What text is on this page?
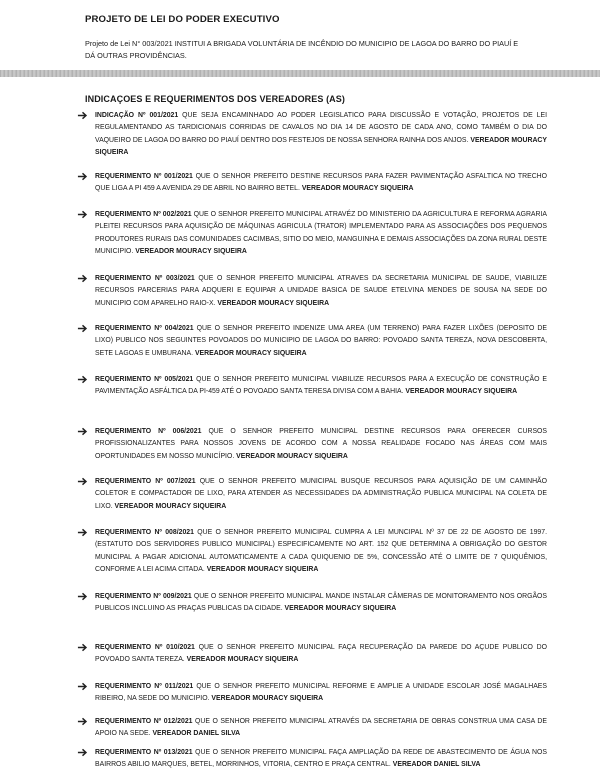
PROJETO DE LEI DO PODER EXECUTIVO
Projeto de Lei N° 003/2021 INSTITUI A BRIGADA VOLUNTÁRIA DE INCÊNDIO DO MUNICIPIO DE LAGOA DO BARRO DO PIAUÍ E DÁ OUTRAS PROVIDÊNCIAS.
INDICAÇOES E REQUERIMENTOS DOS VEREADORES (AS)
INDICAÇÃO Nº 001/2021 QUE SEJA ENCAMINHADO AO PODER LEGISLATICO PARA DISCUSSÃO E VOTAÇÃO, PROJETOS DE LEI REGULAMENTANDO AS TARDICIONAIS CORRIDAS DE CAVALOS NO DIA 14 DE AGOSTO DE CADA ANO, COMO TAMBÉM O DIA DO VAQUEIRO DE LAGOA DO BARRO DO PIAUÍ DENTRO DOS FESTEJOS DE NOSSA SENHORA RAINHA DOS ANJOS. VEREADOR MOURACY SIQUEIRA
REQUERIMENTO Nº 001/2021 QUE O SENHOR PREFEITO DESTINE RECURSOS PARA FAZER PAVIMENTAÇÃO ASFALTICA NO TRECHO QUE LIGA A PI 459 A AVENIDA 29 DE ABRIL NO BAIRRO BETEL. VEREADOR MOURACY SIQUEIRA
REQUERIMENTO Nº 002/2021 QUE O SENHOR PREFEITO MUNICIPAL ATRAVÉZ DO MINISTERIO DA AGRICULTURA E REFORMA AGRARIA PLEITEI RECURSOS PARA AQUISIÇÃO DE MÁQUINAS AGRICULA (TRATOR) IMPLEMENTADO PARA AS ASSOCIAÇÕES DOS PEQUENOS PRODUTORES RURAIS DAS COMUNIDADES CACIMBAS, SITIO DO MEIO, MANGUINHA E DEMAIS ASSOCIAÇÕES DA ZONA RURAL DESTE MUNICIPIO. VEREADOR MOURACY SIQUEIRA
REQUERIMENTO Nº 003/2021 QUE O SENHOR PREFEITO MUNICIPAL ATRAVES DA SECRETARIA MUNICIPAL DE SAUDE, VIABILIZE RECURSOS PARCERIAS PARA ADQUERI E EQUIPAR A UNIDADE BASICA DE SAUDE ETELVINA MENDES DE SOUSA NA SEDE DO MUNICIPIO COM APARELHO RAIO-X. VEREADOR MOURACY SIQUEIRA
REQUERIMENTO Nº 004/2021 QUE O SENHOR PREFEITO INDENIZE UMA AREA (UM TERRENO) PARA FAZER LIXÕES (DEPOSITO DE LIXO) PUBLICO NOS SEGUINTES POVOADOS DO MUNICIPIO DE LAGOA DO BARRO: POVOADO SANTA TEREZA, NOVA DESCOBERTA, SETE LAGOAS E UMBURANA. VEREADOR MOURACY SIQUEIRA
REQUERIMENTO Nº 005/2021 QUE O SENHOR PREFEITO MUNICIPAL VIABILIZE RECURSOS PARA A EXECUÇÃO DE CONSTRUÇÃO E PAVIMENTAÇÃO ASFÁLTICA DA PI-459 ATÉ O POVOADO SANTA TERESA DIVISA COM A BAHIA. VEREADOR MOURACY SIQUEIRA
REQUERIMENTO Nº 006/2021 QUE O SENHOR PREFEITO MUNICIPAL DESTINE RECURSOS PARA OFERECER CURSOS PROFISSIONALIZANTES PARA NOSSOS JOVENS DE ACORDO COM A NOSSA REALIDADE FOCADO NAS ÁREAS COM MAIS OPORTUNIDADES EM NOSSO MUNICÍPIO. VEREADOR MOURACY SIQUEIRA
REQUERIMENTO Nº 007/2021 QUE O SENHOR PREFEITO MUNICIPAL BUSQUE RECURSOS PARA AQUISIÇÃO DE UM CAMINHÃO COLETOR E COMPACTADOR DE LIXO, PARA ATENDER AS NECESSIDADES DA ADMINISTRAÇÃO PUBLICA MUNICIPAL NA COLETA DE LIXO. VEREADOR MOURACY SIQUEIRA
REQUERIMENTO Nº 008/2021 QUE O SENHOR PREFEITO MUNICIPAL CUMPRA A LEI MUNCIPAL Nº 37 DE 22 DE AGOSTO DE 1997. (ESTATUTO DOS SERVIDORES PUBLICO MUNICIPAL) ESPECIFICAMENTE NO ART. 152 QUE DETERMINA A OBRIGAÇÃO DO GESTOR MUNICIPAL A PAGAR ADICIONAL AUTOMATICAMENTE A CADA QUIQUENIO DE 5%, CONCESSÃO ATÉ O LIMITE DE 7 QUIQUÊNIOS, CONFORME A LEI ACIMA CITADA. VEREADOR MOURACY SIQUEIRA
REQUERIMENTO Nº 009/2021 QUE O SENHOR PREFEITO MUNICIPAL MANDE INSTALAR CÂMERAS DE MONITORAMENTO NOS ORGÃOS PUBLICOS INCLUINO AS PRAÇAS PUBLICAS DA CIDADE. VEREADOR MOURACY SIQUEIRA
REQUERIMENTO Nº 010/2021 QUE O SENHOR PREFEITO MUNICIPAL FAÇA RECUPERAÇÃO DA PAREDE DO AÇUDE PUBLICO DO POVOADO SANTA TEREZA. VEREADOR MOURACY SIQUEIRA
REQUERIMENTO Nº 011/2021 QUE O SENHOR PREFEITO MUNICIPAL REFORME E AMPLIE A UNIDADE ESCOLAR JOSÉ MAGALHAES RIBEIRO, NA SEDE DO MUNICIPIO. VEREADOR MOURACY SIQUEIRA
REQUERIMENTO Nº 012/2021 QUE O SENHOR PREFEITO MUNICIPAL ATRAVÉS DA SECRETARIA DE OBRAS CONSTRUA UMA CASA DE APOIO NA SEDE. VEREADOR DANIEL SILVA
REQUERIMENTO Nº 013/2021 QUE O SENHOR PREFEITO MUNICIPAL FAÇA AMPLIAÇÃO DA REDE DE ABASTECIMENTO DE ÁGUA NOS BAIRROS ABILIO MARQUES, BETEL, MORRINHOS, VITORIA, CENTRO E PRAÇA CENTRAL. VEREADOR DANIEL SILVA
